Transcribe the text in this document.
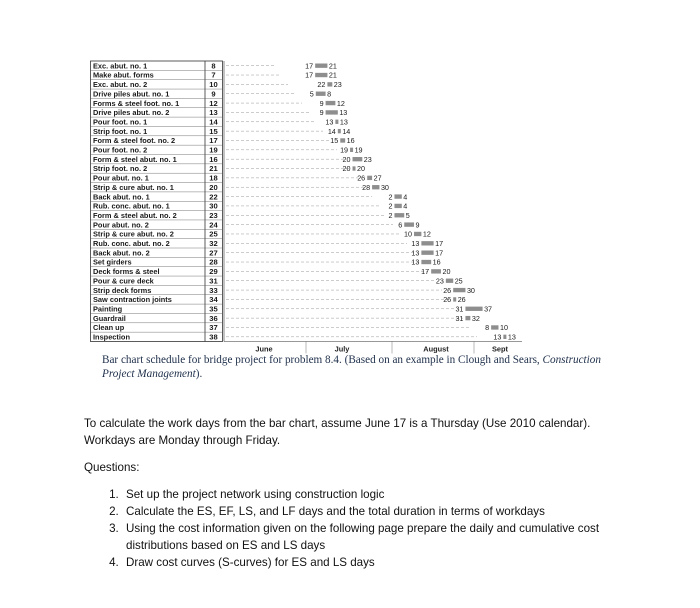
Exc. abut. no. 1	8
Make abut. forms	7
Exc. abut. no. 2	10
Drive piles abut. no. 1	9
Forms & steel foot. no. 1	12
Drive piles abut. no. 2	13
Pour foot. no. 1	14
Strip foot. no. 1	15
Form & steel foot. no. 2	17
Pour foot. no. 2	19
Form & steel abut. no. 1	16
Strip foot. no. 2	21
Pour abut. no. 1	18
Strip & cure abut. no. 1	20
Back abut. no. 1	22
Rub. conc. abut. no. 1	30
Form & steel abut. no. 2	23
Pour abut. no. 2	24
Strip & cure abut. no. 2	25
Rub. conc. abut. no. 2	32
Back abut. no. 2	27
Set girders	28
Deck forms & steel	29
Pour & cure deck	31
Strip deck forms	33
Saw contraction joints	34
Painting	35
Guardrail	36
Clean up	37
Inspection	38
17 21
17 21
22 23
5 8
9 12
9 13
13 13
14 14
15 16
19 19
20 23
20 20
26 27
28 30
2 4
2 4
2 5
6 9
10 12
13 17
13 17
13 16
17 20
23 25
26 30
26 26
31	37
31 32
8 10
13 13
June	July	August	Sept
Bar chart schedule for bridge project for problem 8.4. (Based on an example in Clough and Sears, Construction Project Management).
To calculate the work days from the bar chart, assume June 17 is a Thursday (Use 2010 calendar). Workdays are Monday through Friday.
Questions:
1. Set up the project network using construction logic
2. Calculate the ES, EF, LS, and LF days and the total duration in terms of workdays
3. Using the cost information given on the following page prepare the daily and cumulative cost distributions based on ES and LS days
4. Draw cost curves (S-curves) for ES and LS days
